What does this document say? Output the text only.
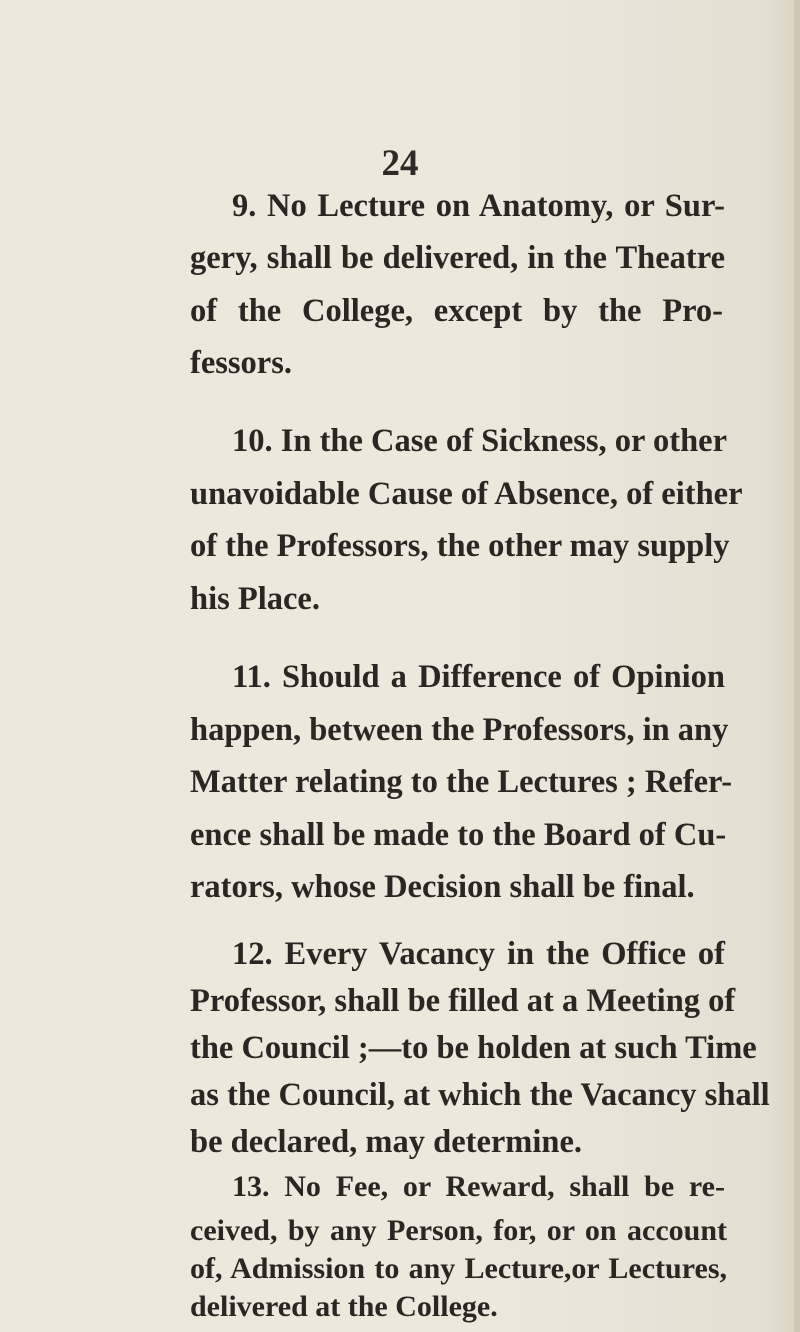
24
9. No Lecture on Anatomy, or Sur-
gery, shall be delivered, in the Theatre
of the College, except by the Pro-
fessors.
10. In the Case of Sickness, or other
unavoidable Cause of Absence, of either
of the Professors, the other may supply
his Place.
11. Should a Difference of Opinion
happen, between the Professors, in any
Matter relating to the Lectures ; Refer-
ence shall be made to the Board of Cu-
rators, whose Decision shall be final.
12. Every Vacancy in the Office of
Professor, shall be filled at a Meeting of
the Council ;—to be holden at such Time
as the Council, at which the Vacancy shall
be declared, may determine.
13. No Fee, or Reward, shall be re-
ceived, by any Person, for, or on account
of, Admission to any Lecture,or Lectures,
delivered at the College.
